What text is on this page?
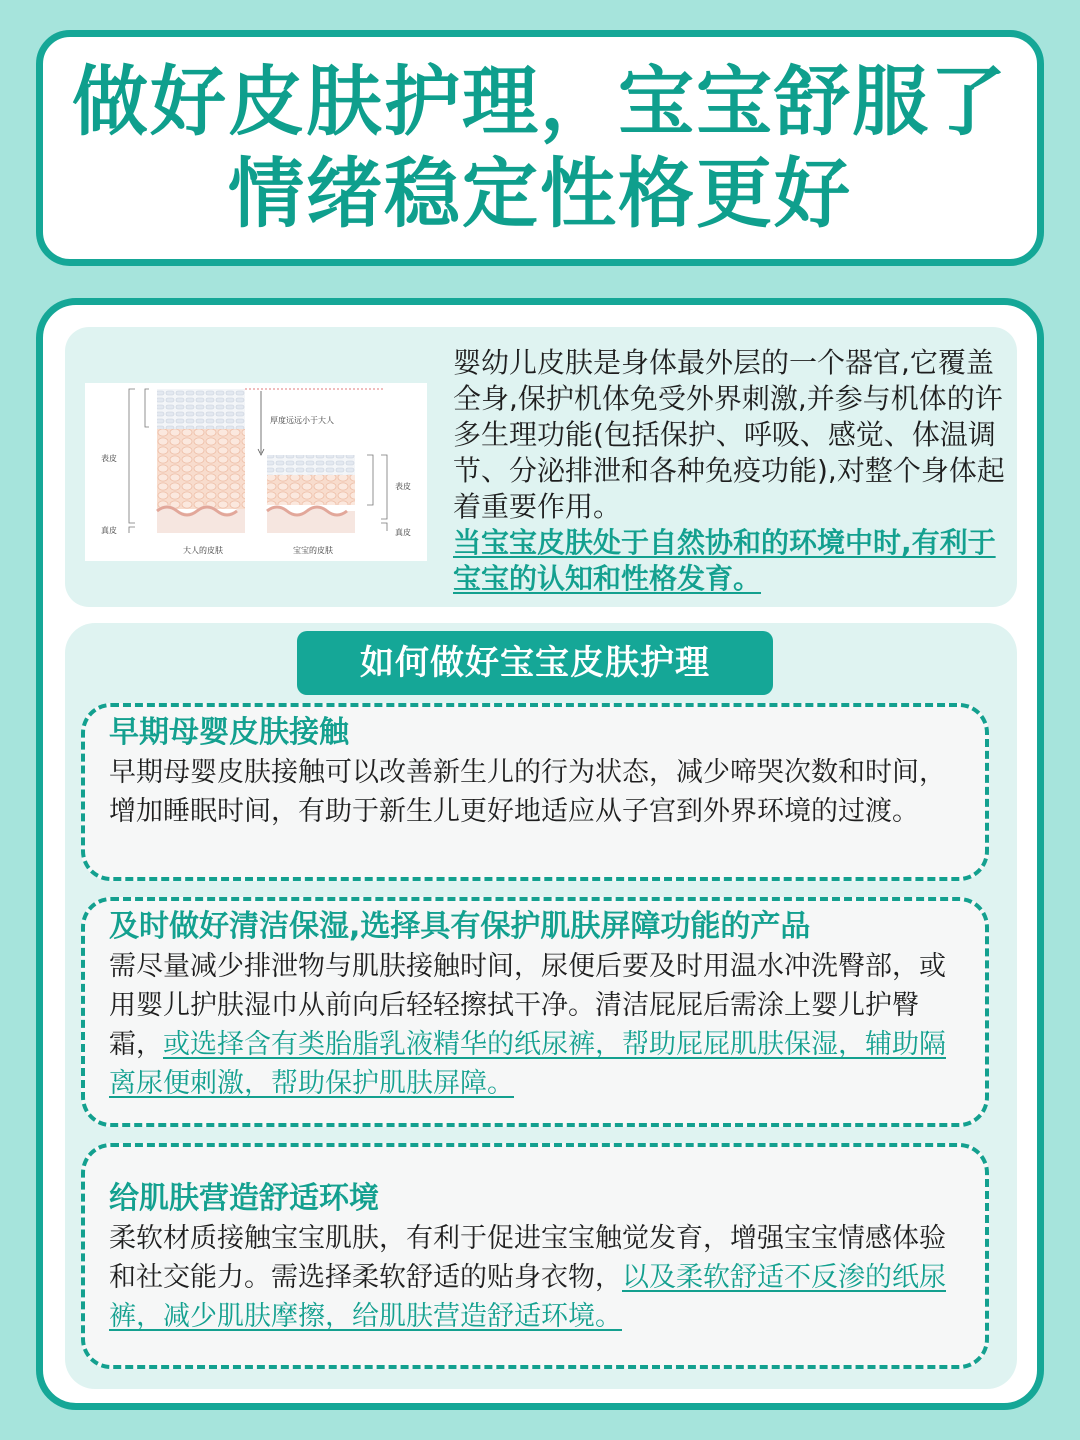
做好皮肤护理，宝宝舒服了
情绪稳定性格更好
厚度远远小于大人
表皮
真皮
表皮
真皮
大人的皮肤	宝宝的皮肤
婴幼儿皮肤是身体最外层的一个器官,它覆盖全身,保护机体免受外界刺激,并参与机体的许多生理功能(包括保护、呼吸、感觉、体温调节、分泌排泄和各种免疫功能),对整个身体起着重要作用。
当宝宝皮肤处于自然协和的环境中时,有利于宝宝的认知和性格发育。
如何做好宝宝皮肤护理
早期母婴皮肤接触
早期母婴皮肤接触可以改善新生儿的行为状态，减少啼哭次数和时间，增加睡眠时间，有助于新生儿更好地适应从子宫到外界环境的过渡。
及时做好清洁保湿,选择具有保护肌肤屏障功能的产品
需尽量减少排泄物与肌肤接触时间，尿便后要及时用温水冲洗臀部，或用婴儿护肤湿巾从前向后轻轻擦拭干净。清洁屁屁后需涂上婴儿护臀霜，或选择含有类胎脂乳液精华的纸尿裤，帮助屁屁肌肤保湿，辅助隔离尿便刺激，帮助保护肌肤屏障。
给肌肤营造舒适环境
柔软材质接触宝宝肌肤，有利于促进宝宝触觉发育，增强宝宝情感体验和社交能力。需选择柔软舒适的贴身衣物，以及柔软舒适不反渗的纸尿裤，减少肌肤摩擦，给肌肤营造舒适环境。
